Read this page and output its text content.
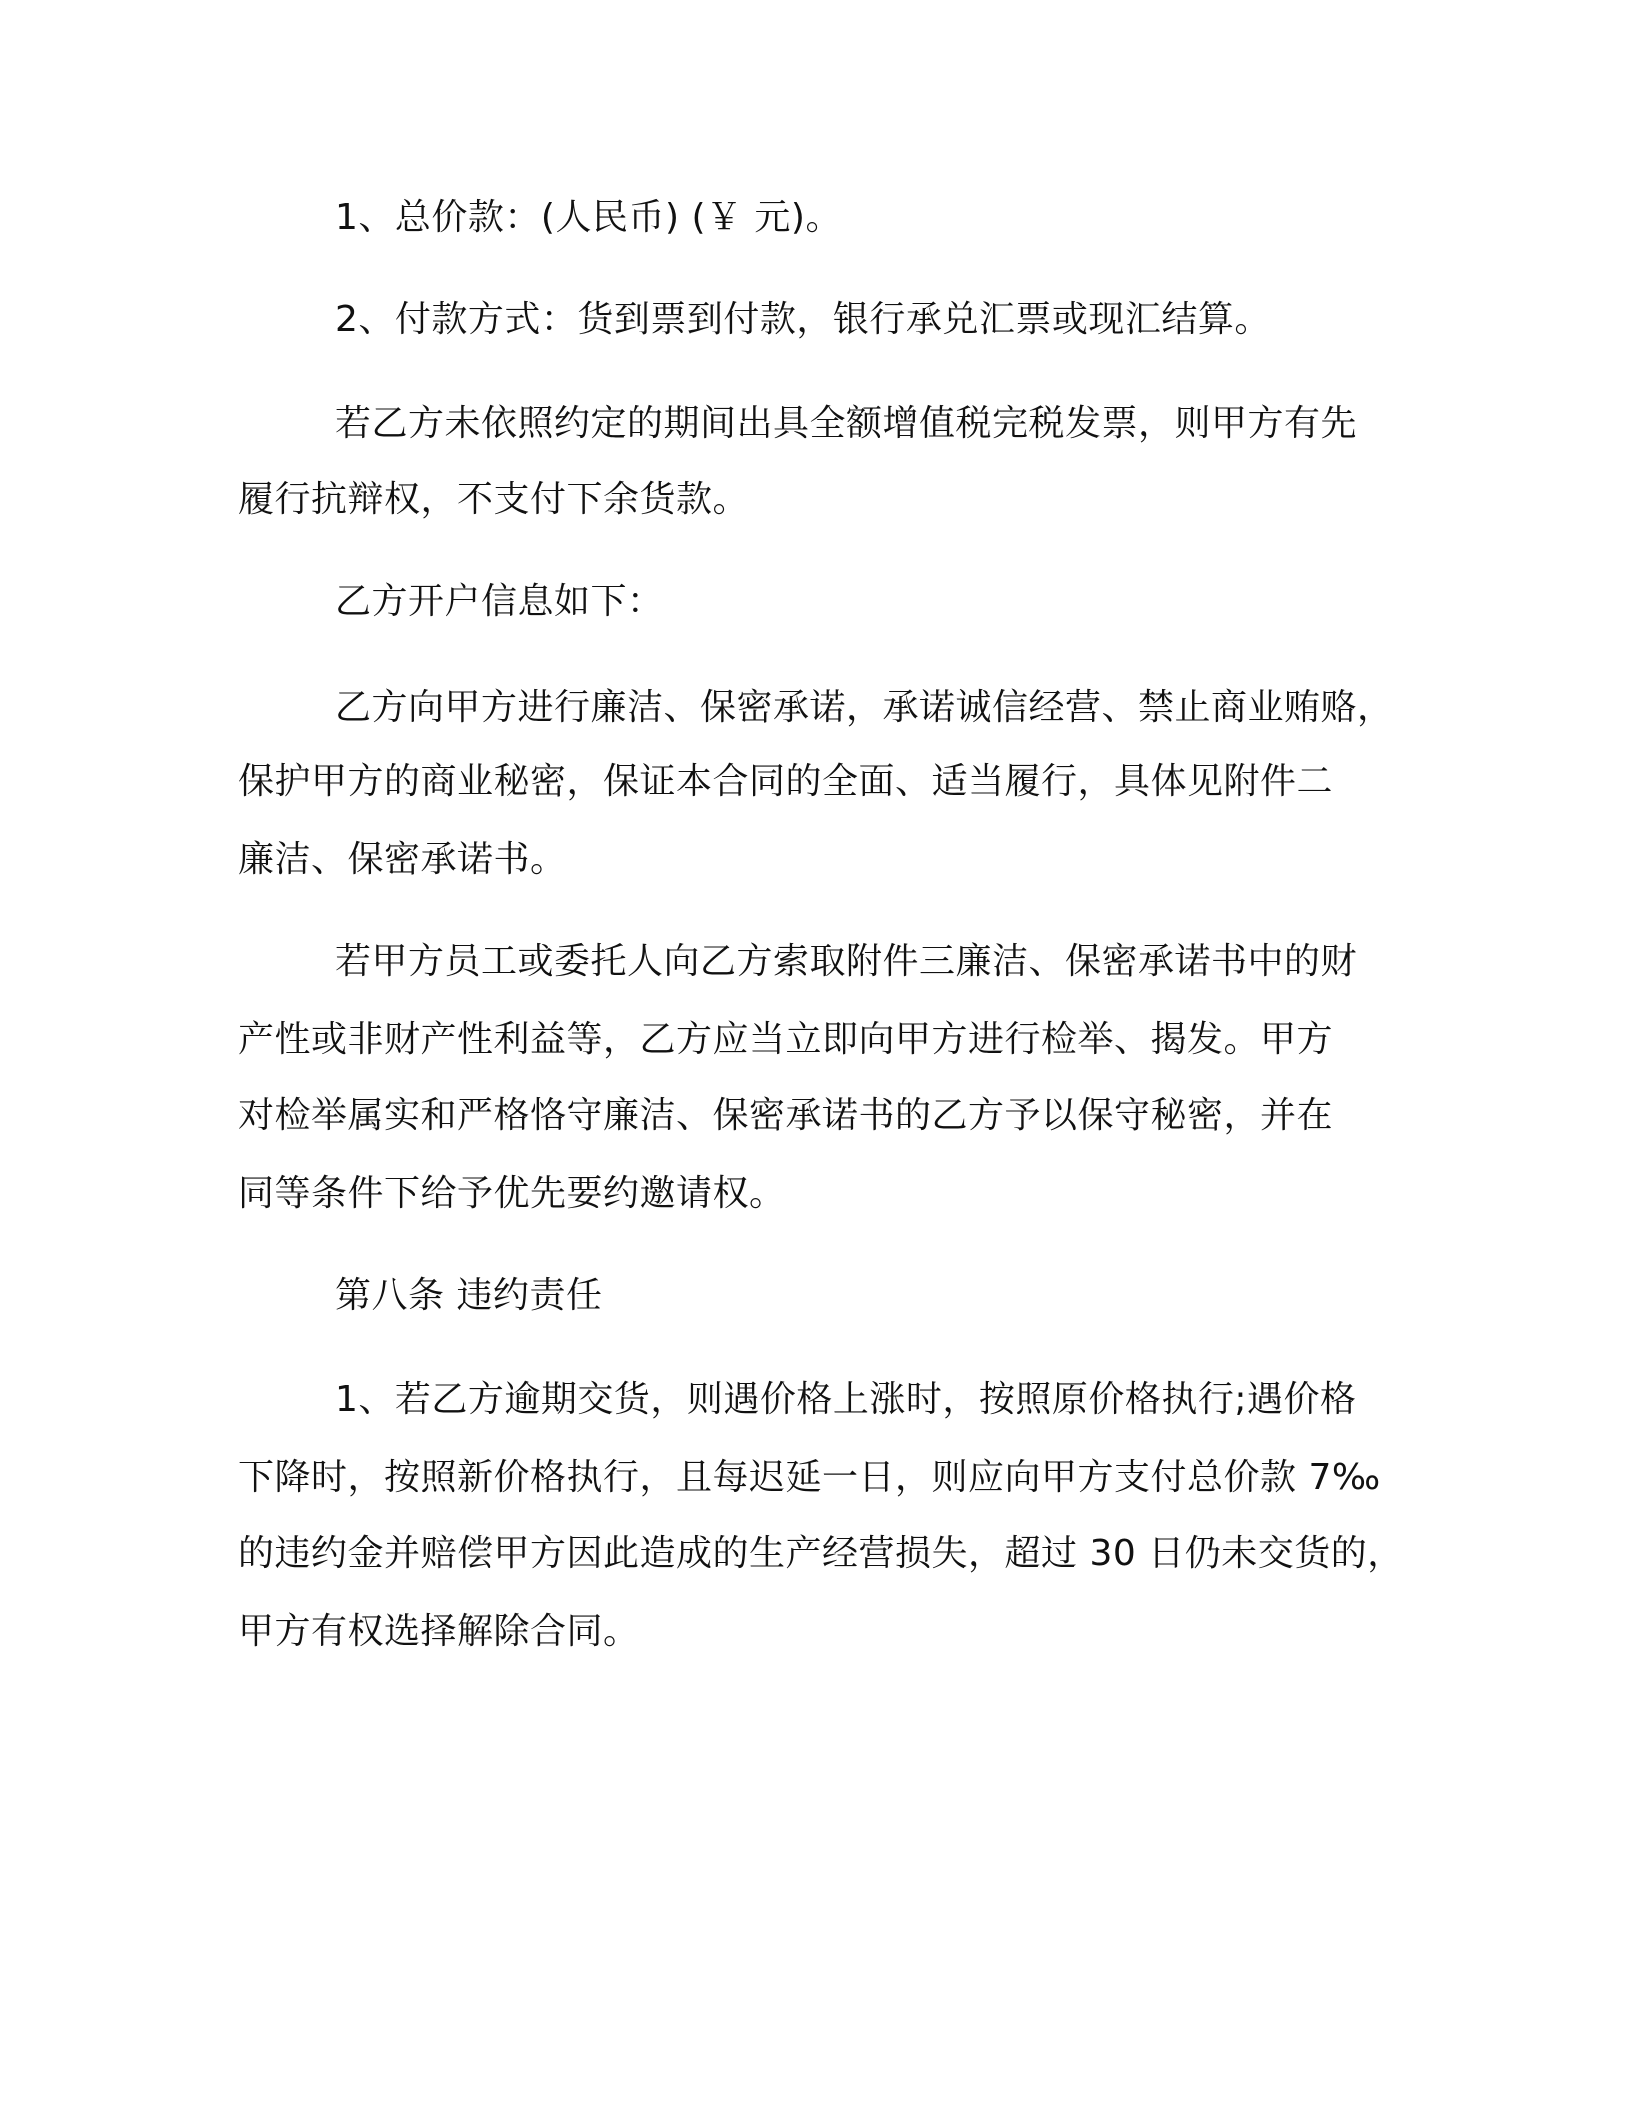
1、总价款：(人民币) (￥ 元)。
2、付款方式：货到票到付款，银行承兑汇票或现汇结算。
若乙方未依照约定的期间出具全额增值税完税发票，则甲方有先
履行抗辩权，不支付下余货款。
乙方开户信息如下：
乙方向甲方进行廉洁、保密承诺，承诺诚信经营、禁止商业贿赂，
保护甲方的商业秘密，保证本合同的全面、适当履行，具体见附件二
廉洁、保密承诺书。
若甲方员工或委托人向乙方索取附件三廉洁、保密承诺书中的财
产性或非财产性利益等，乙方应当立即向甲方进行检举、揭发。甲方
对检举属实和严格恪守廉洁、保密承诺书的乙方予以保守秘密，并在
同等条件下给予优先要约邀请权。
第八条 违约责任
1、若乙方逾期交货，则遇价格上涨时，按照原价格执行;遇价格
下降时，按照新价格执行，且每迟延一日，则应向甲方支付总价款 7‰
的违约金并赔偿甲方因此造成的生产经营损失，超过 30 日仍未交货的，
甲方有权选择解除合同。
